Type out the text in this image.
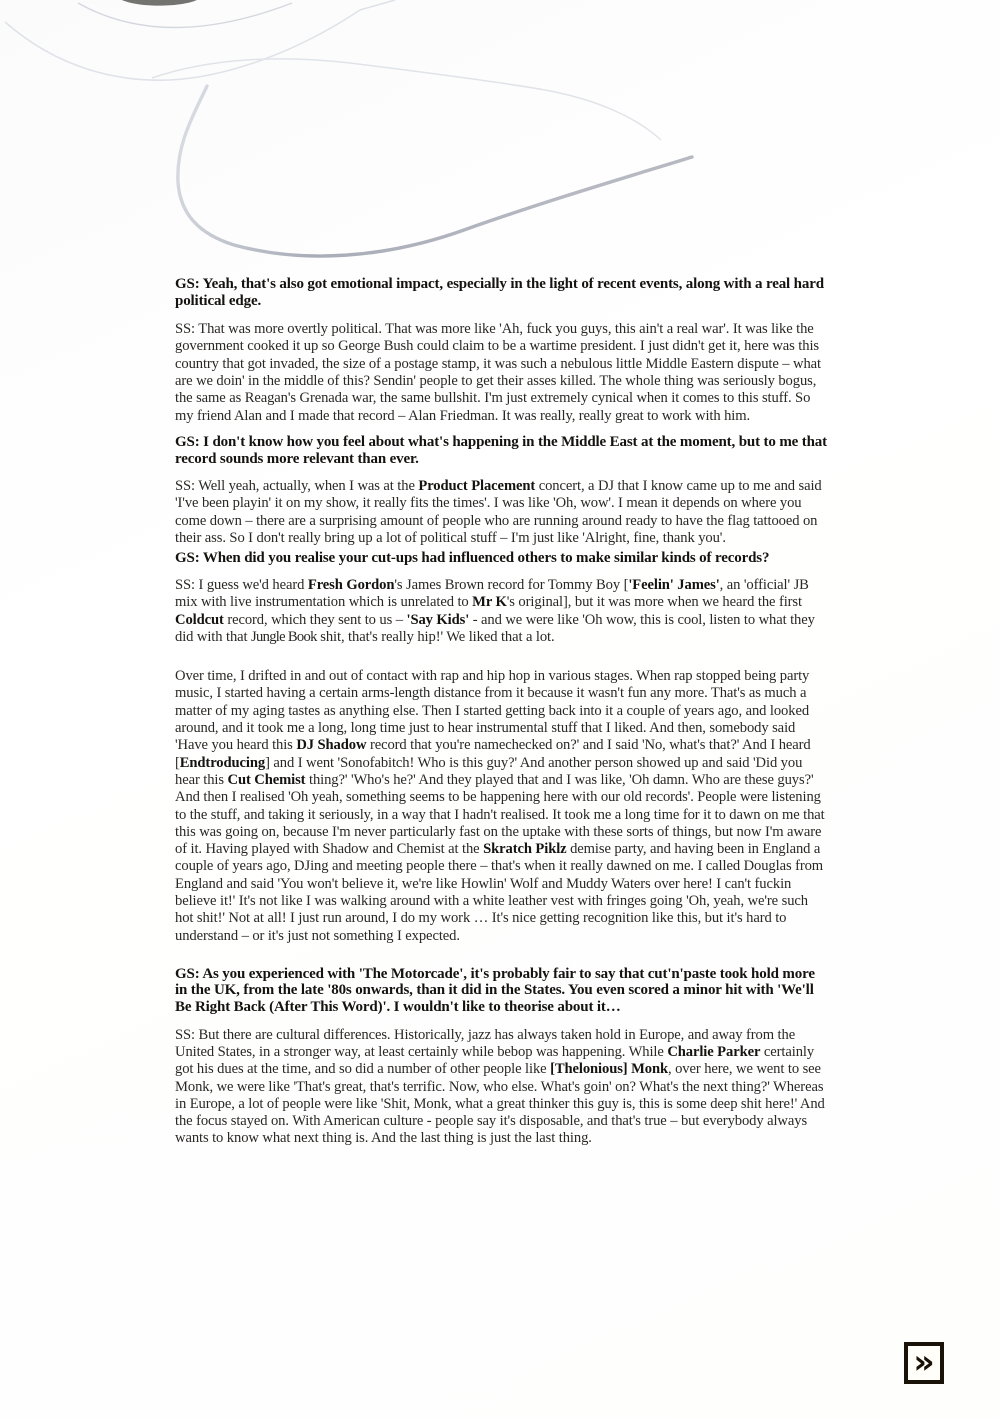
GS: Yeah, that's also got emotional impact, especially in the light of recent events, along with a real hard political edge.
SS: That was more overtly political. That was more like 'Ah, fuck you guys, this ain't a real war'. It was like the government cooked it up so George Bush could claim to be a wartime president. I just didn't get it, here was this country that got invaded, the size of a postage stamp, it was such a nebulous little Middle Eastern dispute – what are we doin' in the middle of this? Sendin' people to get their asses killed. The whole thing was seriously bogus, the same as Reagan's Grenada war, the same bullshit. I'm just extremely cynical when it comes to this stuff. So my friend Alan and I made that record – Alan Friedman. It was really, really great to work with him.
GS: I don't know how you feel about what's happening in the Middle East at the moment, but to me that record sounds more relevant than ever.
SS: Well yeah, actually, when I was at the Product Placement concert, a DJ that I know came up to me and said 'I've been playin' it on my show, it really fits the times'. I was like 'Oh, wow'. I mean it depends on where you come down – there are a surprising amount of people who are running around ready to have the flag tattooed on their ass. So I don't really bring up a lot of political stuff – I'm just like 'Alright, fine, thank you'.
GS: When did you realise your cut-ups had influenced others to make similar kinds of records?
SS: I guess we'd heard Fresh Gordon's James Brown record for Tommy Boy ['Feelin' James', an 'official' JB mix with live instrumentation which is unrelated to Mr K's original], but it was more when we heard the first Coldcut record, which they sent to us – 'Say Kids' - and we were like 'Oh wow, this is cool, listen to what they did with that Jungle Book shit, that's really hip!' We liked that a lot.
Over time, I drifted in and out of contact with rap and hip hop in various stages. When rap stopped being party music, I started having a certain arms-length distance from it because it wasn't fun any more. That's as much a matter of my aging tastes as anything else. Then I started getting back into it a couple of years ago, and looked around, and it took me a long, long time just to hear instrumental stuff that I liked. And then, somebody said 'Have you heard this DJ Shadow record that you're namechecked on?' and I said 'No, what's that?' And I heard [Endtroducing] and I went 'Sonofabitch! Who is this guy?' And another person showed up and said 'Did you hear this Cut Chemist thing?' 'Who's he?' And they played that and I was like, 'Oh damn. Who are these guys?' And then I realised 'Oh yeah, something seems to be happening here with our old records'. People were listening to the stuff, and taking it seriously, in a way that I hadn't realised. It took me a long time for it to dawn on me that this was going on, because I'm never particularly fast on the uptake with these sorts of things, but now I'm aware of it. Having played with Shadow and Chemist at the Skratch Piklz demise party, and having been in England a couple of years ago, DJing and meeting people there – that's when it really dawned on me. I called Douglas from England and said 'You won't believe it, we're like Howlin' Wolf and Muddy Waters over here! I can't fuckin believe it!' It's not like I was walking around with a white leather vest with fringes going 'Oh, yeah, we're such hot shit!' Not at all! I just run around, I do my work … It's nice getting recognition like this, but it's hard to understand – or it's just not something I expected.
GS: As you experienced with 'The Motorcade', it's probably fair to say that cut'n'paste took hold more in the UK, from the late '80s onwards, than it did in the States. You even scored a minor hit with 'We'll Be Right Back (After This Word)'. I wouldn't like to theorise about it…
SS: But there are cultural differences. Historically, jazz has always taken hold in Europe, and away from the United States, in a stronger way, at least certainly while bebop was happening. While Charlie Parker certainly got his dues at the time, and so did a number of other people like [Thelonious] Monk, over here, we went to see Monk, we were like 'That's great, that's terrific. Now, who else. What's goin' on? What's the next thing?' Whereas in Europe, a lot of people were like 'Shit, Monk, what a great thinker this guy is, this is some deep shit here!' And the focus stayed on. With American culture - people say it's disposable, and that's true – but everybody always wants to know what next thing is. And the last thing is just the last thing.
»
